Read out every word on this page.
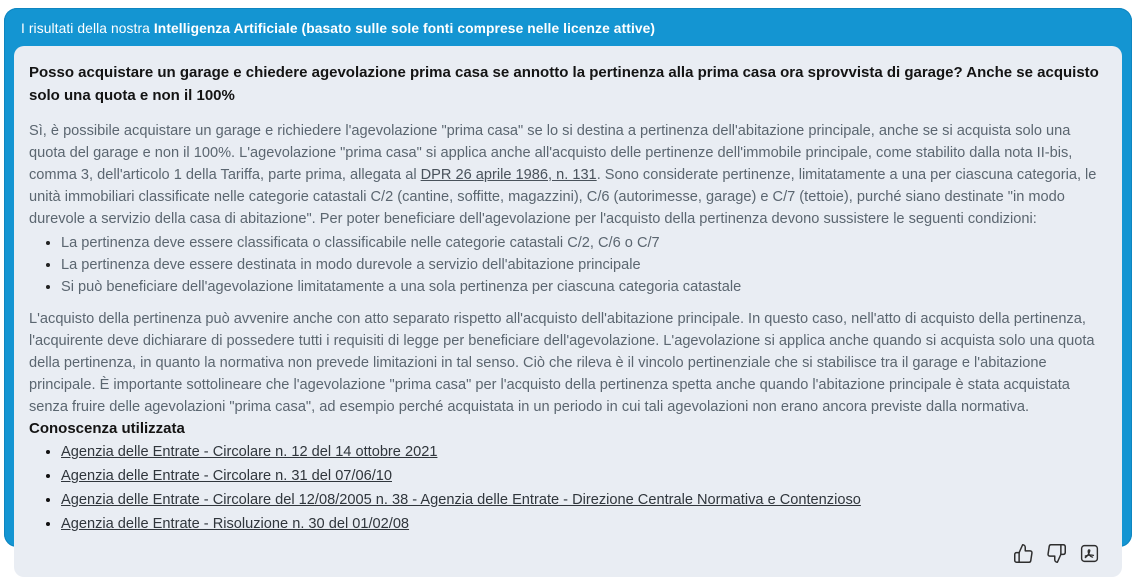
I risultati della nostra Intelligenza Artificiale (basato sulle sole fonti comprese nelle licenze attive)
Posso acquistare un garage e chiedere agevolazione prima casa se annotto la pertinenza alla prima casa ora sprovvista di garage? Anche se acquisto solo una quota e non il 100%
Sì, è possibile acquistare un garage e richiedere l'agevolazione "prima casa" se lo si destina a pertinenza dell'abitazione principale, anche se si acquista solo una quota del garage e non il 100%. L'agevolazione "prima casa" si applica anche all'acquisto delle pertinenze dell'immobile principale, come stabilito dalla nota II-bis, comma 3, dell'articolo 1 della Tariffa, parte prima, allegata al DPR 26 aprile 1986, n. 131. Sono considerate pertinenze, limitatamente a una per ciascuna categoria, le unità immobiliari classificate nelle categorie catastali C/2 (cantine, soffitte, magazzini), C/6 (autorimesse, garage) e C/7 (tettoie), purché siano destinate "in modo durevole a servizio della casa di abitazione". Per poter beneficiare dell'agevolazione per l'acquisto della pertinenza devono sussistere le seguenti condizioni:
• La pertinenza deve essere classificata o classificabile nelle categorie catastali C/2, C/6 o C/7
• La pertinenza deve essere destinata in modo durevole a servizio dell'abitazione principale
• Si può beneficiare dell'agevolazione limitatamente a una sola pertinenza per ciascuna categoria catastale
L'acquisto della pertinenza può avvenire anche con atto separato rispetto all'acquisto dell'abitazione principale. In questo caso, nell'atto di acquisto della pertinenza, l'acquirente deve dichiarare di possedere tutti i requisiti di legge per beneficiare dell'agevolazione. L'agevolazione si applica anche quando si acquista solo una quota della pertinenza, in quanto la normativa non prevede limitazioni in tal senso. Ciò che rileva è il vincolo pertinenziale che si stabilisce tra il garage e l'abitazione principale. È importante sottolineare che l'agevolazione "prima casa" per l'acquisto della pertinenza spetta anche quando l'abitazione principale è stata acquistata senza fruire delle agevolazioni "prima casa", ad esempio perché acquistata in un periodo in cui tali agevolazioni non erano ancora previste dalla normativa.
Conoscenza utilizzata
• Agenzia delle Entrate - Circolare n. 12 del 14 ottobre 2021
• Agenzia delle Entrate - Circolare n. 31 del 07/06/10
• Agenzia delle Entrate - Circolare del 12/08/2005 n. 38 - Agenzia delle Entrate - Direzione Centrale Normativa e Contenzioso
• Agenzia delle Entrate - Risoluzione n. 30 del 01/02/08
